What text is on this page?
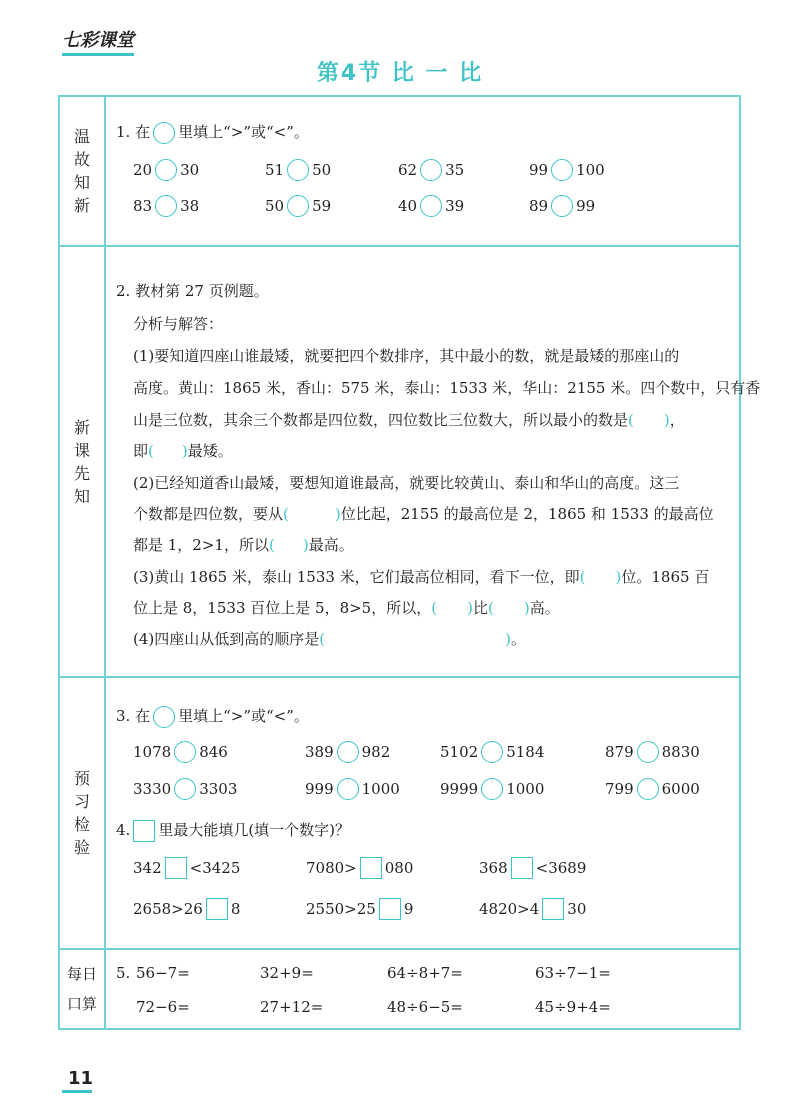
七彩课堂
第4节 比 一 比
温故知新
新课先知
预习检验
每日口算
1. 在 里填上“>”或“<”。
20 30	51 50	62 35	99 100
83 38	50 59	40 39	89 99
2. 教材第 27 页例题。
分析与解答：
(1)要知道四座山谁最矮，就要把四个数排序，其中最小的数，就是最矮的那座山的
高度。黄山：1865 米，香山：575 米，泰山：1533 米，华山：2155 米。四个数中，只有香
山是三位数，其余三个数都是四位数，四位数比三位数大，所以最小的数是( )，
即( )最矮。
(2)已经知道香山最矮，要想知道谁最高，就要比较黄山、泰山和华山的高度。这三
个数都是四位数，要从(	)位比起，2155 的最高位是 2，1865 和 1533 的最高位
都是 1，2>1，所以( )最高。
(3)黄山 1865 米，泰山 1533 米，它们最高位相同，看下一位，即( )位。1865 百
位上是 8，1533 百位上是 5，8>5，所以，( )比( )高。
(4)四座山从低到高的顺序是(	)。
3. 在 里填上“>”或“<”。
1078 846	389 982	5102 5184	879 8830
3330 3303	999 1000	9999 1000	799 6000
4. 里最大能填几(填一个数字)？
342 <3425	7080> 080	368 <3689
2658>26 8	2550>25 9	4820>4 30
5. 56−7=	32+9=	64÷8+7=	63÷7−1=
72−6=	27+12=	48÷6−5=	45÷9+4=
11
